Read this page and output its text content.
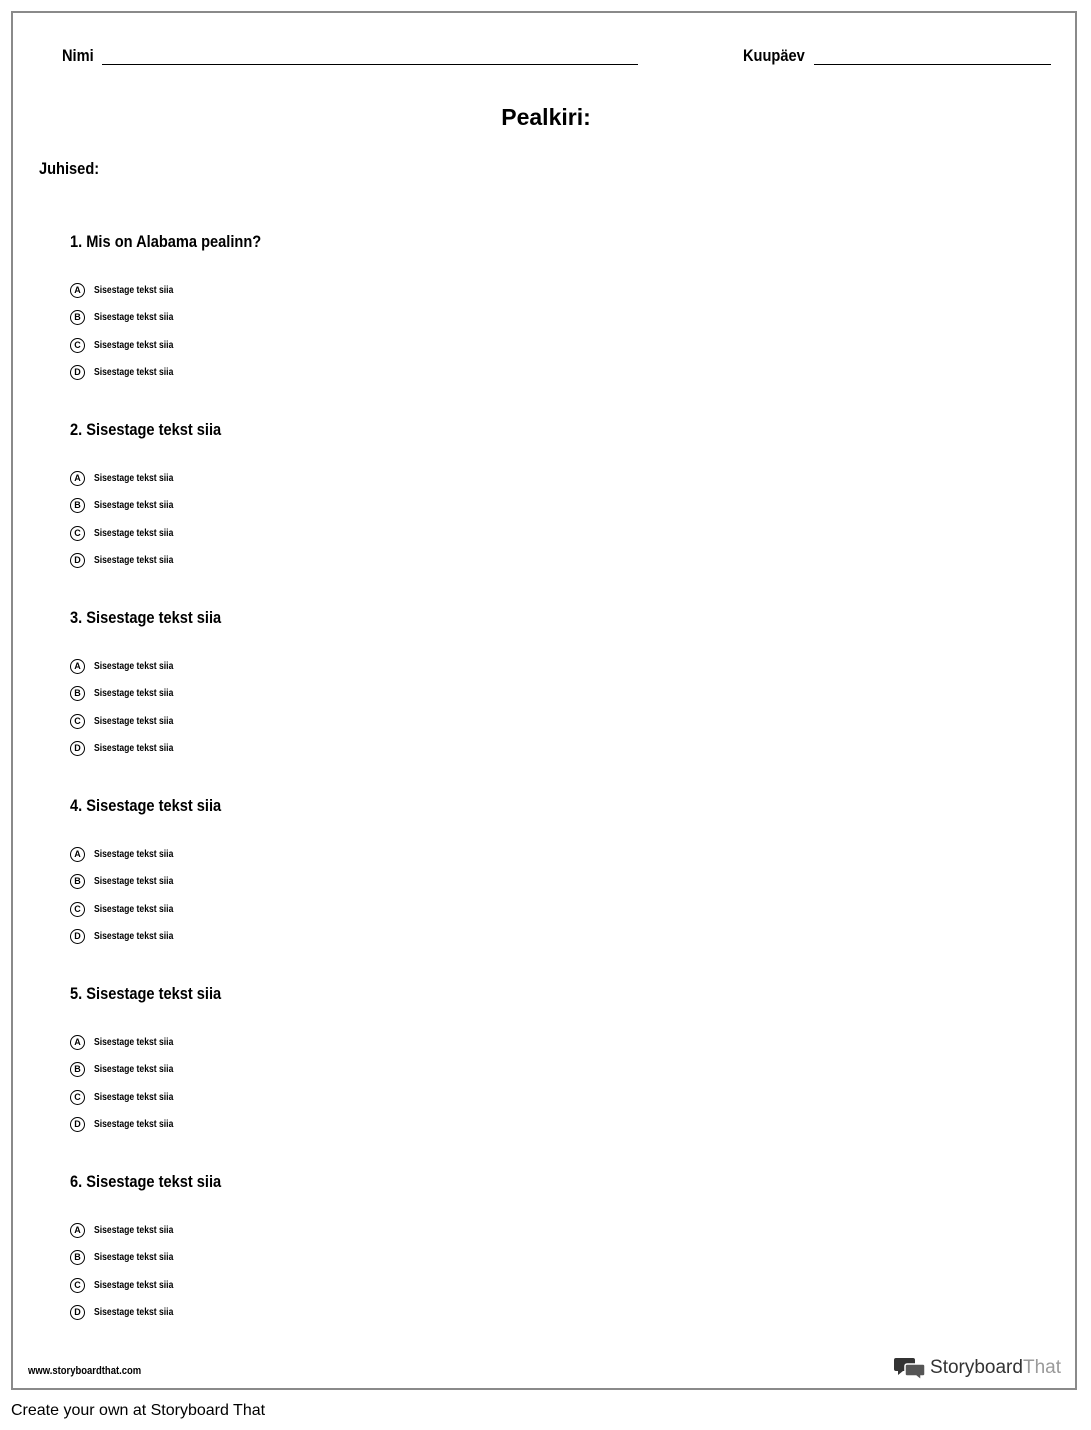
Nimi	Kuupäev
Pealkiri:
Juhised:
1. Mis on Alabama pealinn?
A	Sisestage tekst siia
B	Sisestage tekst siia
C	Sisestage tekst siia
D	Sisestage tekst siia
2. Sisestage tekst siia
A	Sisestage tekst siia
B	Sisestage tekst siia
C	Sisestage tekst siia
D	Sisestage tekst siia
3. Sisestage tekst siia
A	Sisestage tekst siia
B	Sisestage tekst siia
C	Sisestage tekst siia
D	Sisestage tekst siia
4. Sisestage tekst siia
A	Sisestage tekst siia
B	Sisestage tekst siia
C	Sisestage tekst siia
D	Sisestage tekst siia
5. Sisestage tekst siia
A	Sisestage tekst siia
B	Sisestage tekst siia
C	Sisestage tekst siia
D	Sisestage tekst siia
6. Sisestage tekst siia
A	Sisestage tekst siia
B	Sisestage tekst siia
C	Sisestage tekst siia
D	Sisestage tekst siia
www.storyboardthat.com	StoryboardThat
Create your own at Storyboard That
